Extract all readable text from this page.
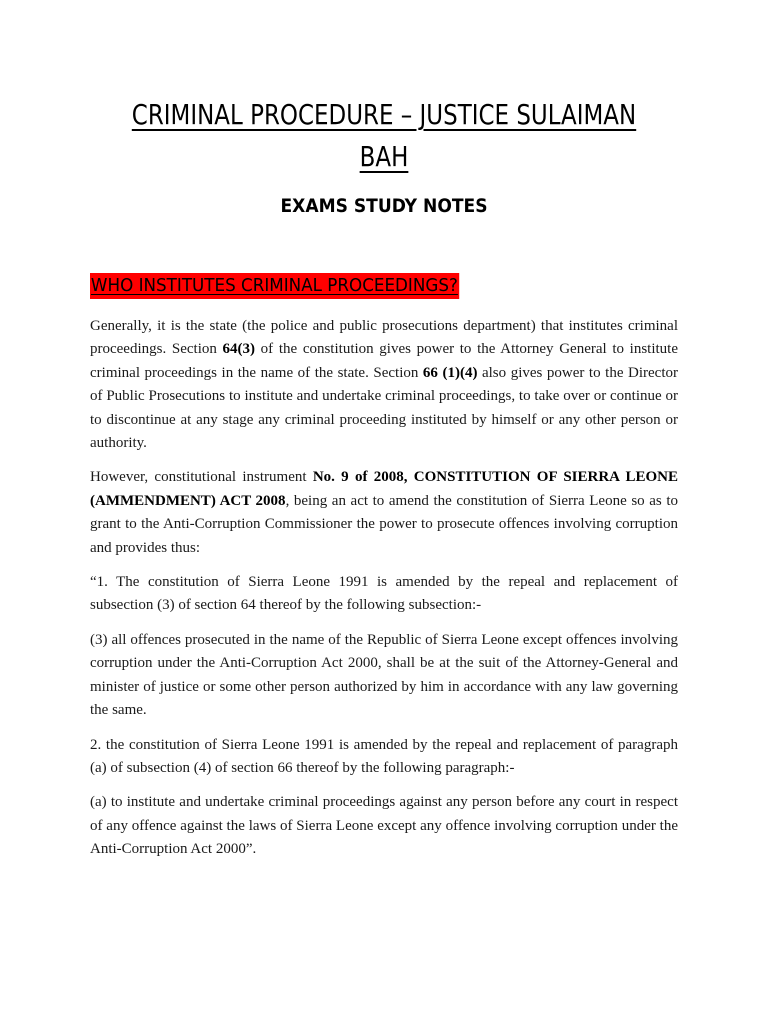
CRIMINAL PROCEDURE – JUSTICE SULAIMAN BAH
EXAMS STUDY NOTES
WHO INSTITUTES CRIMINAL PROCEEDINGS?

Generally, it is the state (the police and public prosecutions department) that institutes criminal proceedings. Section 64(3) of the constitution gives power to the Attorney General to institute criminal proceedings in the name of the state. Section 66 (1)(4) also gives power to the Director of Public Prosecutions to institute and undertake criminal proceedings, to take over or continue or to discontinue at any stage any criminal proceeding instituted by himself or any other person or authority.

However, constitutional instrument No. 9 of 2008, CONSTITUTION OF SIERRA LEONE (AMMENDMENT) ACT 2008, being an act to amend the constitution of Sierra Leone so as to grant to the Anti-Corruption Commissioner the power to prosecute offences involving corruption and provides thus:

“1. The constitution of Sierra Leone 1991 is amended by the repeal and replacement of subsection (3) of section 64 thereof by the following subsection:-

(3) all offences prosecuted in the name of the Republic of Sierra Leone except offences involving corruption under the Anti-Corruption Act 2000, shall be at the suit of the Attorney-General and minister of justice or some other person authorized by him in accordance with any law governing the same.

2. the constitution of Sierra Leone 1991 is amended by the repeal and replacement of paragraph (a) of subsection (4) of section 66 thereof by the following paragraph:-

(a) to institute and undertake criminal proceedings against any person before any court in respect of any offence against the laws of Sierra Leone except any offence involving corruption under the Anti-Corruption Act 2000”.
